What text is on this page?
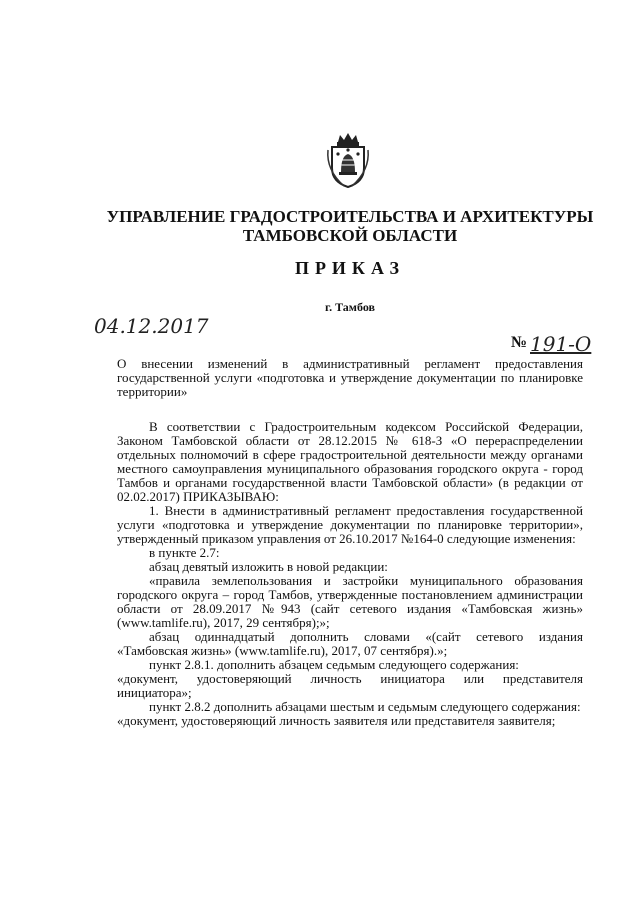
УПРАВЛЕНИЕ ГРАДОСТРОИТЕЛЬСТВА И АРХИТЕКТУРЫ
ТАМБОВСКОЙ ОБЛАСТИ
ПРИКАЗ
г. Тамбов
04.12.2017
№ 191-О
О внесении изменений в административный регламент предоставления государственной услуги «подготовка и утверждение документации по планировке территории»

В соответствии с Градостроительным кодексом Российской Федерации, Законом Тамбовской области от 28.12.2015 № 618-З «О перераспределении отдельных полномочий в сфере градостроительной деятельности между органами местного самоуправления муниципального образования городского округа - город Тамбов и органами государственной власти Тамбовской области» (в редакции от 02.02.2017) ПРИКАЗЫВАЮ:

1. Внести в административный регламент предоставления государственной услуги «подготовка и утверждение документации по планировке территории», утвержденный приказом управления от 26.10.2017 №164-0 следующие изменения:

в пункте 2.7:

абзац девятый изложить в новой редакции:

«правила землепользования и застройки муниципального образования городского округа – город Тамбов, утвержденные постановлением администрации области от 28.09.2017 №943 (сайт сетевого издания «Тамбовская жизнь» (www.tamlife.ru), 2017, 29 сентября);»;

абзац одиннадцатый дополнить словами «(сайт сетевого издания «Тамбовская жизнь» (www.tamlife.ru), 2017, 07 сентября).»;

пункт 2.8.1. дополнить абзацем седьмым следующего содержания:

«документ, удостоверяющий личность инициатора или представителя инициатора»;

пункт 2.8.2 дополнить абзацами шестым и седьмым следующего содержания:

«документ, удостоверяющий личность заявителя или представителя заявителя;
